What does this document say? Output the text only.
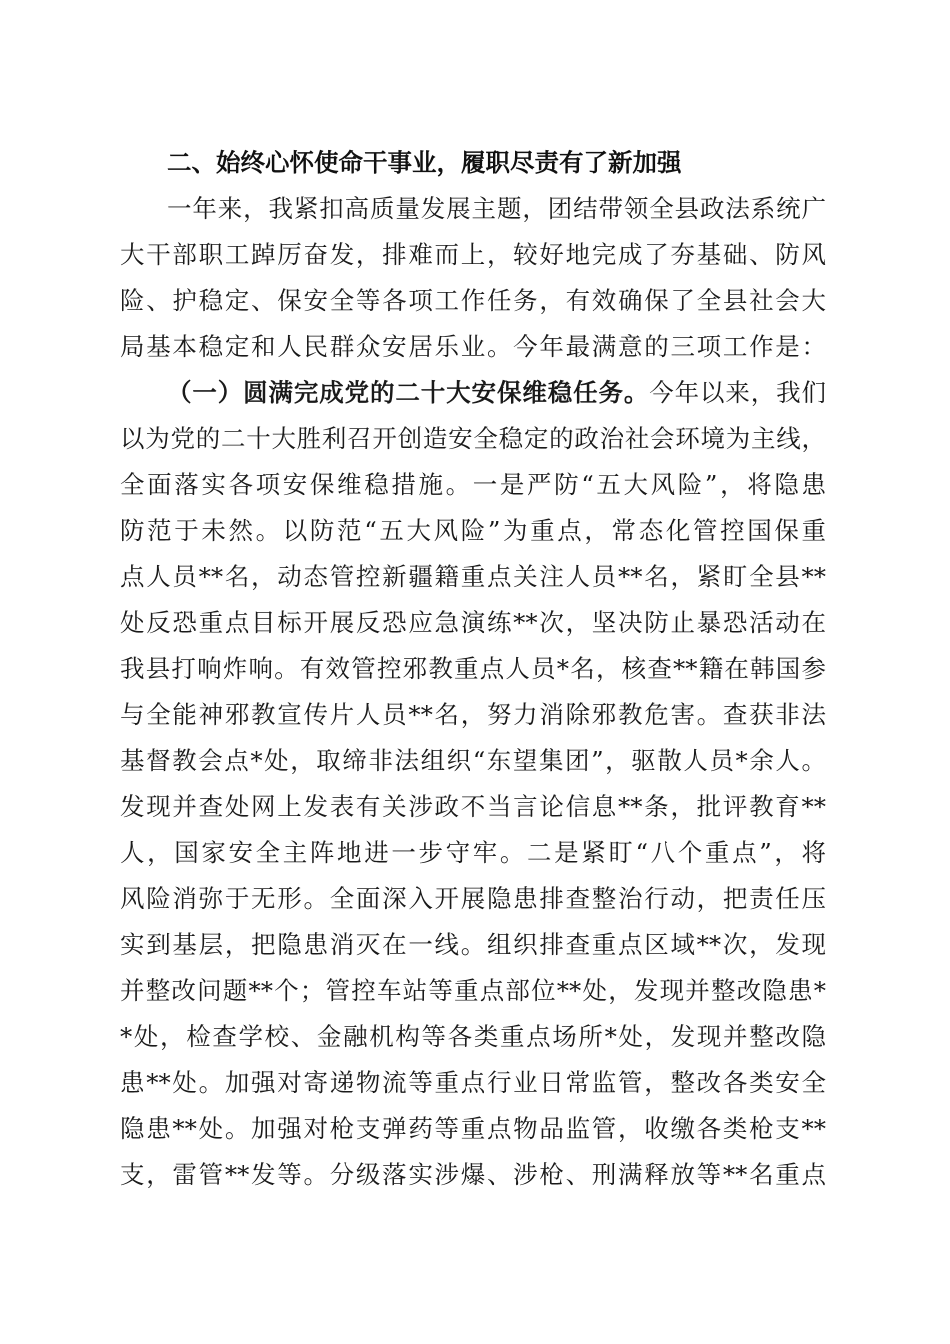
二、始终心怀使命干事业，履职尽责有了新加强
一年来，我紧扣高质量发展主题，团结带领全县政法系统广
大干部职工踔厉奋发，排难而上，较好地完成了夯基础、防风
险、护稳定、保安全等各项工作任务，有效确保了全县社会大
局基本稳定和人民群众安居乐业。今年最满意的三项工作是：
（一）圆满完成党的二十大安保维稳任务。今年以来，我们
以为党的二十大胜利召开创造安全稳定的政治社会环境为主线，
全面落实各项安保维稳措施。一是严防“五大风险”，将隐患
防范于未然。以防范“五大风险”为重点，常态化管控国保重
点人员**名，动态管控新疆籍重点关注人员**名，紧盯全县**
处反恐重点目标开展反恐应急演练**次，坚决防止暴恐活动在
我县打响炸响。有效管控邪教重点人员*名，核查**籍在韩国参
与全能神邪教宣传片人员**名，努力消除邪教危害。查获非法
基督教会点*处，取缔非法组织“东望集团”，驱散人员*余人。
发现并查处网上发表有关涉政不当言论信息**条，批评教育**
人，国家安全主阵地进一步守牢。二是紧盯“八个重点”，将
风险消弥于无形。全面深入开展隐患排查整治行动，把责任压
实到基层，把隐患消灭在一线。组织排查重点区域**次，发现
并整改问题**个；管控车站等重点部位**处，发现并整改隐患*
*处，检查学校、金融机构等各类重点场所*处，发现并整改隐
患**处。加强对寄递物流等重点行业日常监管，整改各类安全
隐患**处。加强对枪支弹药等重点物品监管，收缴各类枪支**
支，雷管**发等。分级落实涉爆、涉枪、刑满释放等**名重点
